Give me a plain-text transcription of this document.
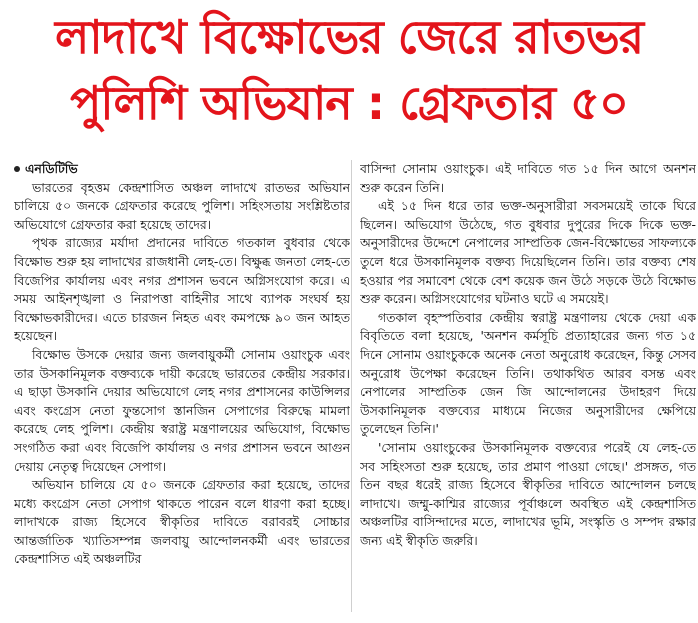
লাদাখে বিক্ষোভের জেরে রাতভর
পুলিশি অভিযান : গ্রেফতার ৫০
এনডিটিভি

ভারতের বৃহত্তম কেন্দ্রশাসিত অঞ্চল লাদাখে রাতভর অভিযান চালিয়ে ৫০ জনকে গ্রেফতার করেছে পুলিশ। সহিংসতায় সংশ্লিষ্টতার অভিযোগে গ্রেফতার করা হয়েছে তাদের।

পৃথক রাজ্যের মর্যাদা প্রদানের দাবিতে গতকাল বুধবার থেকে বিক্ষোভ শুরু হয় লাদাখের রাজধানী লেহ-তে। বিক্ষুব্ধ জনতা লেহ-তে বিজেপির কার্যালয় এবং নগর প্রশাসন ভবনে অগ্নিসংযোগ করে। এ সময় আইনশৃঙ্খলা ও নিরাপত্তা বাহিনীর সাথে ব্যাপক সংঘর্ষ হয় বিক্ষোভকারীদের। এতে চারজন নিহত এবং কমপক্ষে ৯০ জন আহত হয়েছেন।

বিক্ষোভ উসকে দেয়ার জন্য জলবায়ুকর্মী সোনাম ওয়াংচুক এবং তার উসকানিমূলক বক্তব্যকে দায়ী করেছে ভারতের কেন্দ্রীয় সরকার। এ ছাড়া উসকানি দেয়ার অভিযোগে লেহ নগর প্রশাসনের কাউন্সিলর এবং কংগ্রেস নেতা ফুন্তসোগ স্তানজিন সেপাগের বিরুদ্ধে মামলা করেছে লেহ পুলিশ। কেন্দ্রীয় স্বরাষ্ট্র মন্ত্রণালয়ের অভিযোগ, বিক্ষোভ সংগঠিত করা এবং বিজেপি কার্যালয় ও নগর প্রশাসন ভবনে আগুন দেয়ায় নেতৃত্ব দিয়েছেন সেপাগ।

অভিযান চালিয়ে যে ৫০ জনকে গ্রেফতার করা হয়েছে, তাদের মধ্যে কংগ্রেস নেতা সেপাগ থাকতে পারেন বলে ধারণা করা হচ্ছে। লাদাখকে রাজ্য হিসেবে স্বীকৃতির দাবিতে বরাবরই সোচ্চার আন্তর্জাতিক খ্যাতিসম্পন্ন জলবায়ু আন্দোলনকর্মী এবং ভারতের কেন্দ্রশাসিত এই অঞ্চলটির

বাসিন্দা সোনাম ওয়াংচুক। এই দাবিতে গত ১৫ দিন আগে অনশন শুরু করেন তিনি।

এই ১৫ দিন ধরে তার ভক্ত-অনুসারীরা সবসময়েই তাকে ঘিরে ছিলেন। অভিযোগ উঠেছে, গত বুধবার দুপুরের দিকে দিকে ভক্ত-অনুসারীদের উদ্দেশে নেপালের সাম্প্রতিক জেন-বিক্ষোভের সাফল্যকে তুলে ধরে উসকানিমূলক বক্তব্য দিয়েছিলেন তিনি। তার বক্তব্য শেষ হওয়ার পর সমাবেশ থেকে বেশ কয়েক জন উঠে সড়কে উঠে বিক্ষোভ শুরু করেন। অগ্নিসংযোগের ঘটনাও ঘটে এ সময়েই।

গতকাল বৃহস্পতিবার কেন্দ্রীয় স্বরাষ্ট্র মন্ত্রণালয় থেকে দেয়া এক বিবৃতিতে বলা হয়েছে, 'অনশন কর্মসূচি প্রত্যাহারের জন্য গত ১৫ দিনে সোনাম ওয়াংচুককে অনেক নেতা অনুরোধ করেছেন, কিন্তু সেসব অনুরোধ উপেক্ষা করেছেন তিনি। তথাকথিত আরব বসন্ত এবং নেপালের সাম্প্রতিক জেন জি আন্দোলনের উদাহরণ দিয়ে উসকানিমূলক বক্তব্যের মাধ্যমে নিজের অনুসারীদের ক্ষেপিয়ে তুলেছেন তিনি।'

'সোনাম ওয়াংচুকের উসকানিমূলক বক্তব্যের পরেই যে লেহ-তে সব সহিংসতা শুরু হয়েছে, তার প্রমাণ পাওয়া গেছে।' প্রসঙ্গত, গত তিন বছর ধরেই রাজ্য হিসেবে স্বীকৃতির দাবিতে আন্দোলন চলছে লাদাখে। জম্মু-কাশ্মির রাজ্যের পূর্বাঞ্চলে অবস্থিত এই কেন্দ্রশাসিত অঞ্চলটির বাসিন্দাদের মতে, লাদাখের ভূমি, সংস্কৃতি ও সম্পদ রক্ষার জন্য এই স্বীকৃতি জরুরি।
